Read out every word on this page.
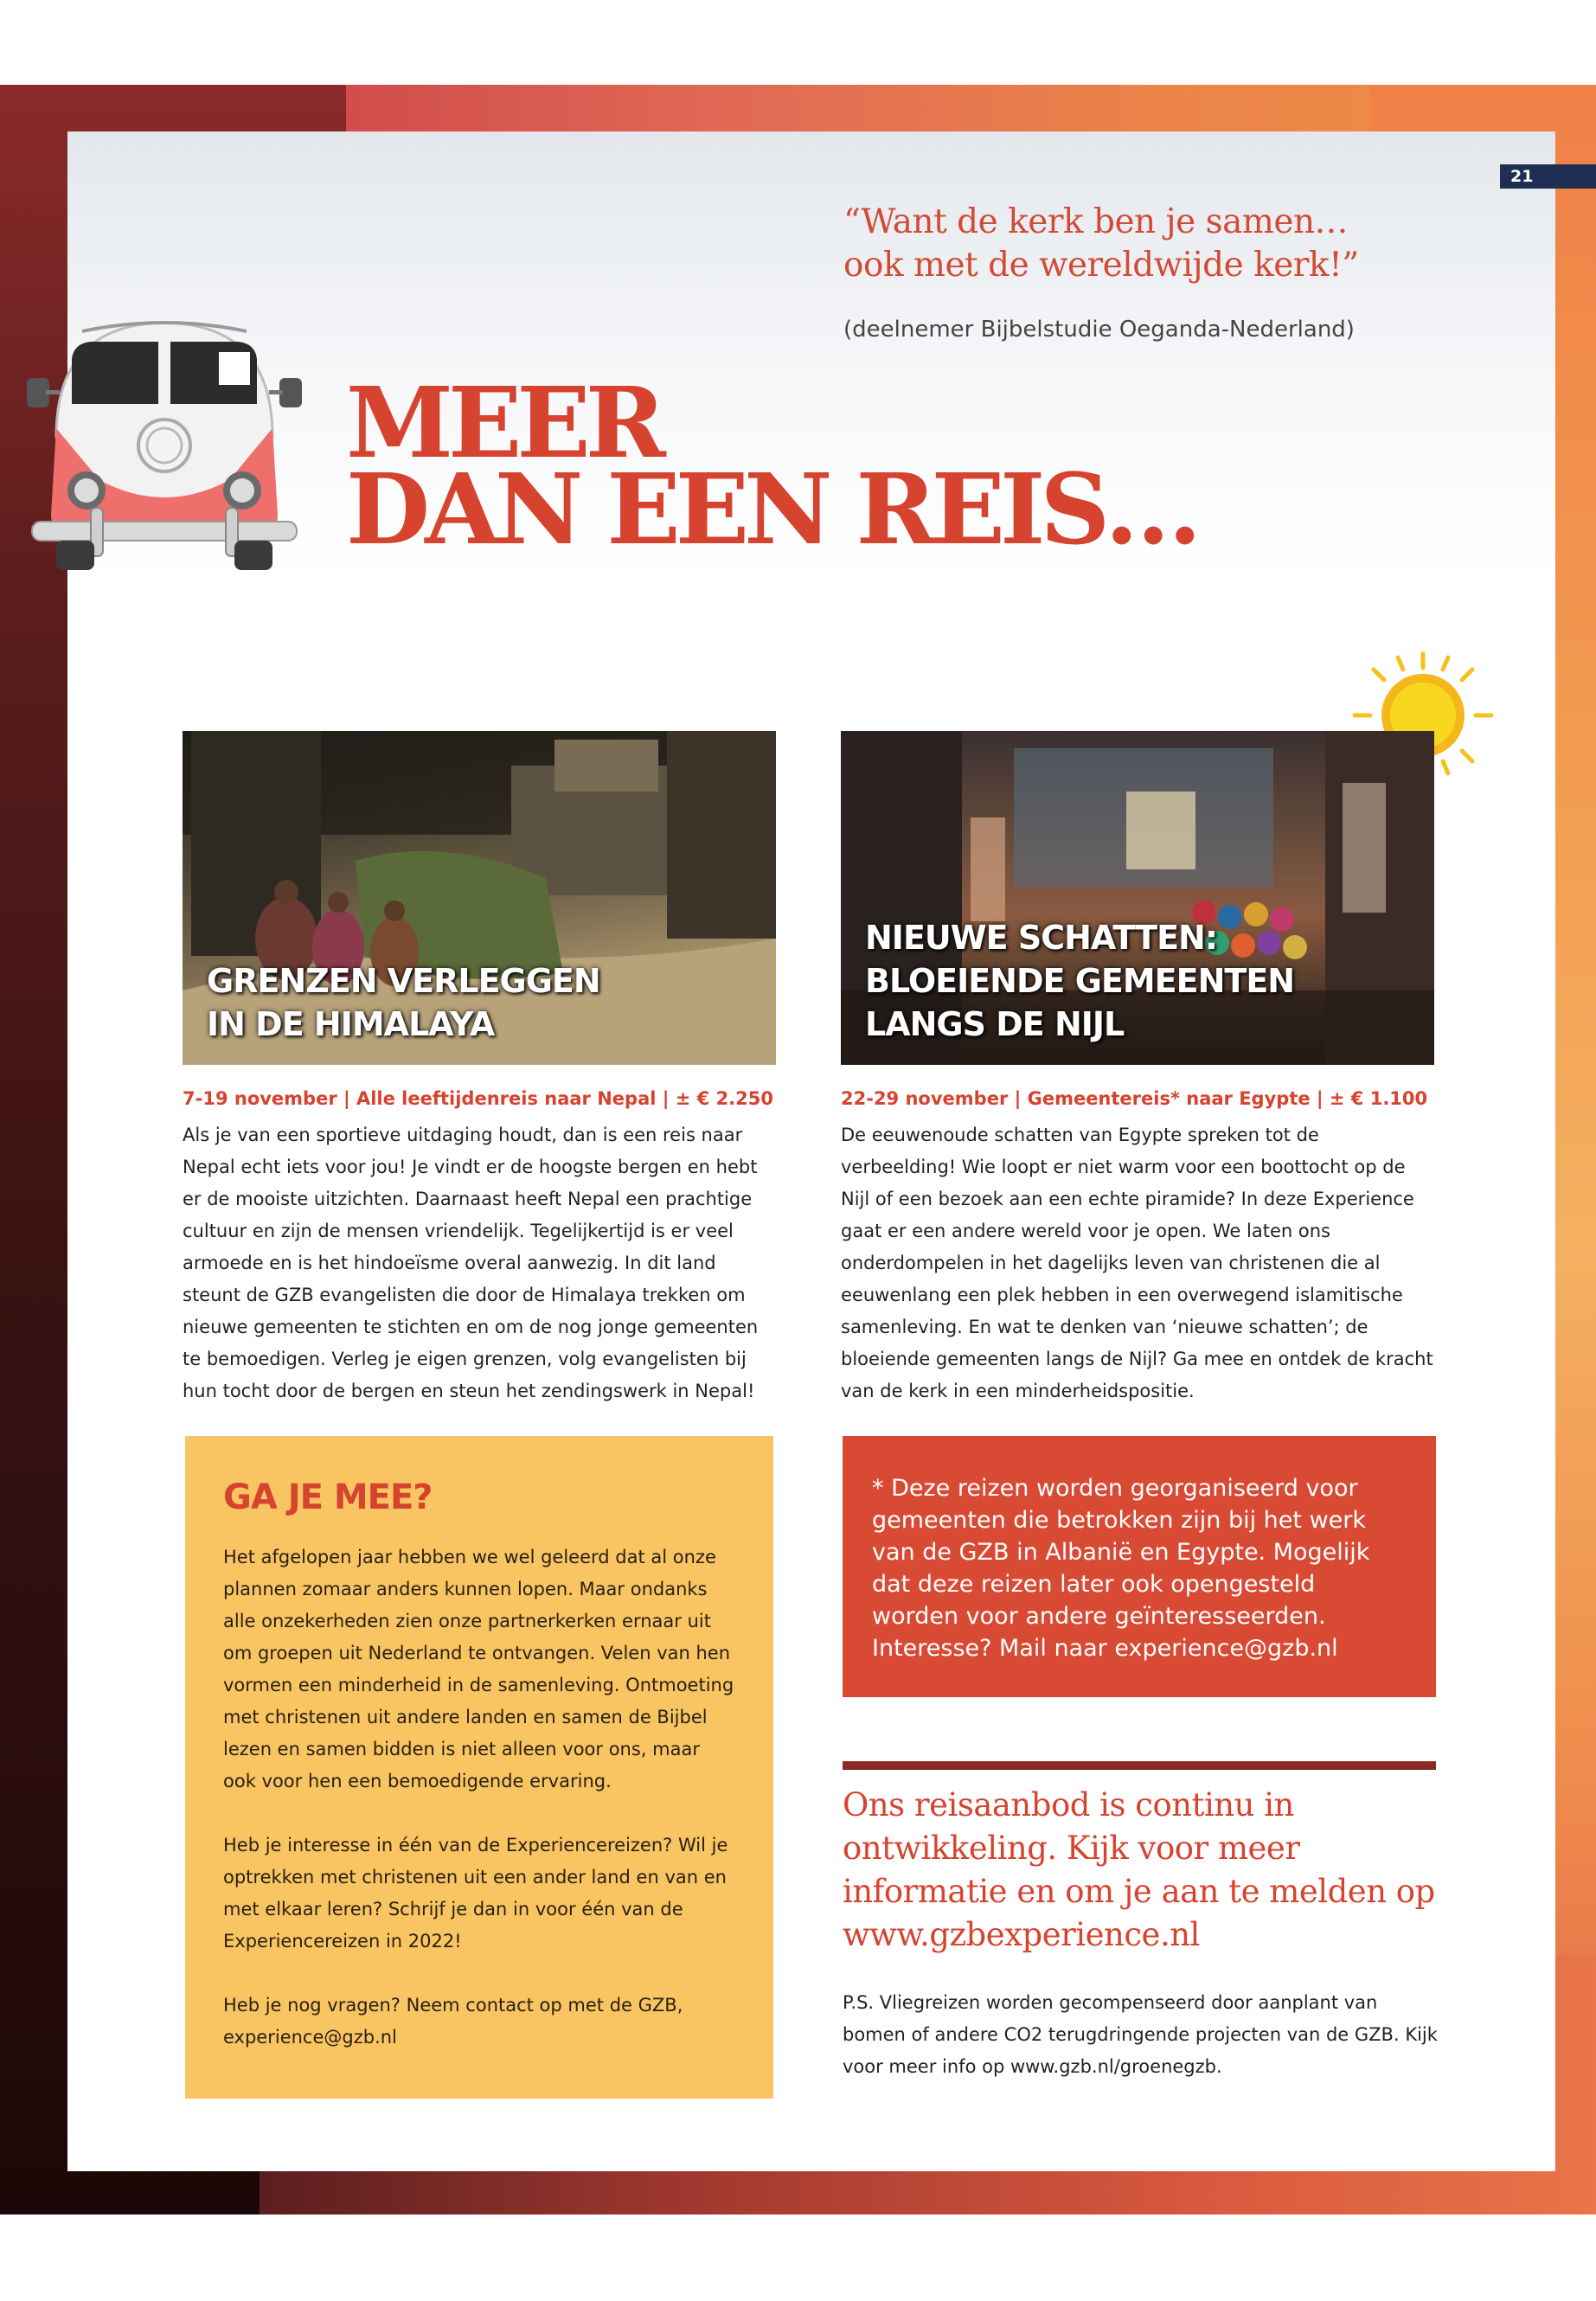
21
“Want de kerk ben je samen…
ook met de wereldwijde kerk!”
(deelnemer Bijbelstudie Oeganda-Nederland)
MEER
DAN EEN REIS…
GRENZEN VERLEGGEN
IN DE HIMALAYA
NIEUWE SCHATTEN:
BLOEIENDE GEMEENTEN
LANGS DE NIJL

7-19 november | Alle leeftijdenreis naar Nepal | ± € 2.250

Als je van een sportieve uitdaging houdt, dan is een reis naar Nepal echt iets voor jou! Je vindt er de hoogste bergen en hebt er de mooiste uitzichten. Daarnaast heeft Nepal een prachtige cultuur en zijn de mensen vriendelijk. Tegelijkertijd is er veel armoede en is het hindoeïsme overal aanwezig. In dit land steunt de GZB evangelisten die door de Himalaya trekken om nieuwe gemeenten te stichten en om de nog jonge gemeenten te bemoedigen. Verleg je eigen grenzen, volg evangelisten bij hun tocht door de bergen en steun het zendingswerk in Nepal!

22-29 november | Gemeentereis* naar Egypte | ± € 1.100

De eeuwenoude schatten van Egypte spreken tot de verbeelding! Wie loopt er niet warm voor een boottocht op de Nijl of een bezoek aan een echte piramide? In deze Experience gaat er een andere wereld voor je open. We laten ons onderdompelen in het dagelijks leven van christenen die al eeuwenlang een plek hebben in een overwegend islamitische samenleving. En wat te denken van ‘nieuwe schatten’; de bloeiende gemeenten langs de Nijl? Ga mee en ontdek de kracht van de kerk in een minderheidspositie.

GA JE MEE?

Het afgelopen jaar hebben we wel geleerd dat al onze plannen zomaar anders kunnen lopen. Maar ondanks alle onzekerheden zien onze partnerkerken ernaar uit om groepen uit Nederland te ontvangen. Velen van hen vormen een minderheid in de samenleving. Ontmoeting met christenen uit andere landen en samen de Bijbel lezen en samen bidden is niet alleen voor ons, maar ook voor hen een bemoedigende ervaring.

Heb je interesse in één van de Experiencereizen? Wil je optrekken met christenen uit een ander land en van en met elkaar leren? Schrijf je dan in voor één van de Experiencereizen in 2022!

Heb je nog vragen? Neem contact op met de GZB, experience@gzb.nl

* Deze reizen worden georganiseerd voor gemeenten die betrokken zijn bij het werk van de GZB in Albanië en Egypte. Mogelijk dat deze reizen later ook opengesteld worden voor andere geïnteresseerden. Interesse? Mail naar experience@gzb.nl

Ons reisaanbod is continu in ontwikkeling. Kijk voor meer informatie en om je aan te melden op www.gzbexperience.nl

P.S. Vliegreizen worden gecompenseerd door aanplant van bomen of andere CO2 terugdringende projecten van de GZB. Kijk voor meer info op www.gzb.nl/groenegzb.
